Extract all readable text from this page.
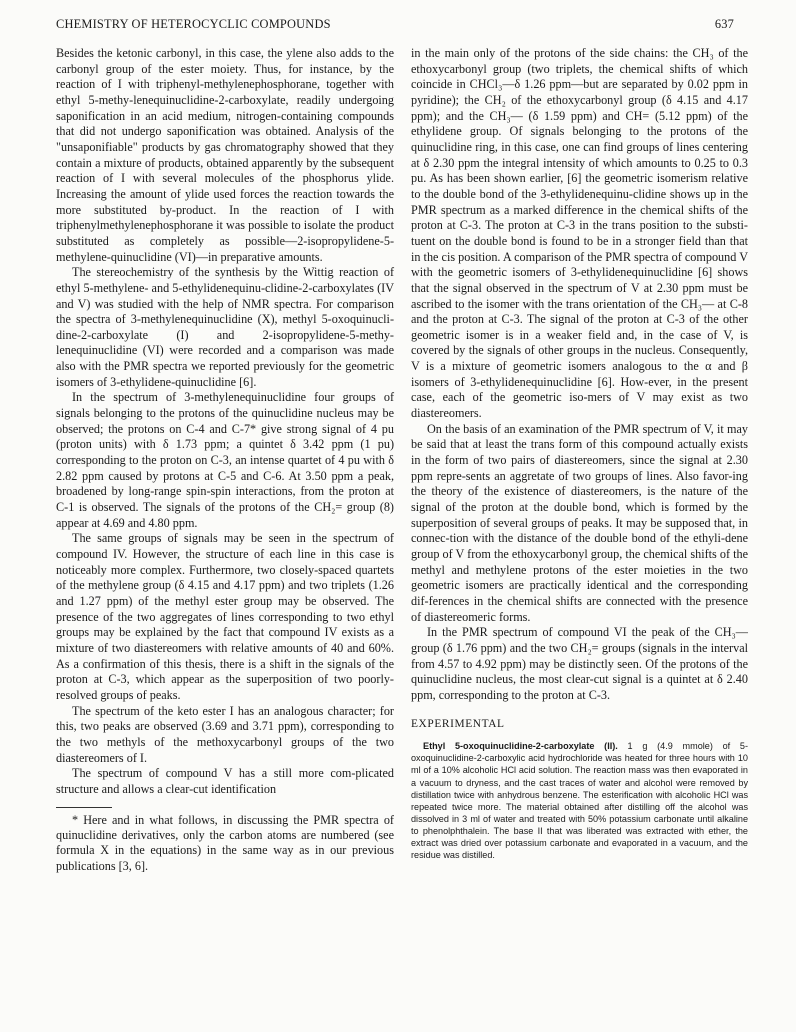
CHEMISTRY OF HETEROCYCLIC COMPOUNDS	637

Besides the ketonic carbonyl, in this case, the ylene also adds to the carbonyl group of the ester moiety. Thus, for instance, by the reaction of I with triphenyl-methylenephosphorane, together with ethyl 5-methy-lenequinuclidine-2-carboxylate, readily undergoing saponification in an acid medium, nitrogen-containing compounds that did not undergo saponification was obtained. Analysis of the "unsaponifiable" products by gas chromatography showed that they contain a mixture of products, obtained apparently by the subsequent reaction of I with several molecules of the phosphorus ylide. Increasing the amount of ylide used forces the reaction towards the more substituted by-product. In the reaction of I with triphenylmethylenephosphorane it was possible to isolate the product substituted as completely as possible—2-isopropylidene-5-methylene-quinuclidine (VI)—in preparative amounts.

The stereochemistry of the synthesis by the Wittig reaction of ethyl 5-methylene- and 5-ethylidenequinu-clidine-2-carboxylates (IV and V) was studied with the help of NMR spectra. For comparison the spectra of 3-methylenequinuclidine (X), methyl 5-oxoquinucli-dine-2-carboxylate (I) and 2-isopropylidene-5-methy-lenequinuclidine (VI) were recorded and a comparison was made also with the PMR spectra we reported previously for the geometric isomers of 3-ethylidene-quinuclidine [6].

In the spectrum of 3-methylenequinuclidine four groups of signals belonging to the protons of the quinuclidine nucleus may be observed; the protons on C-4 and C-7* give strong signal of 4 pu (proton units) with δ 1.73 ppm; a quintet δ 3.42 ppm (1 pu) corresponding to the proton on C-3, an intense quartet of 4 pu with δ 2.82 ppm caused by protons at C-5 and C-6. At 3.50 ppm a peak, broadened by long-range spin-spin interactions, from the proton at C-1 is observed. The signals of the protons of the CH₂= group (8) appear at 4.69 and 4.80 ppm.

The same groups of signals may be seen in the spectrum of compound IV. However, the structure of each line in this case is noticeably more complex. Furthermore, two closely-spaced quartets of the methylene group (δ 4.15 and 4.17 ppm) and two triplets (1.26 and 1.27 ppm) of the methyl ester group may be observed. The presence of the two aggregates of lines corresponding to two ethyl groups may be explained by the fact that compound IV exists as a mixture of two diastereomers with relative amounts of 40 and 60%. As a confirmation of this thesis, there is a shift in the signals of the proton at C-3, which appear as the superposition of two poorly-resolved groups of peaks.

The spectrum of the keto ester I has an analogous character; for this, two peaks are observed (3.69 and 3.71 ppm), corresponding to the two methyls of the methoxycarbonyl groups of the two diastereomers of I.

The spectrum of compound V has a still more com-plicated structure and allows a clear-cut identification

* Here and in what follows, in discussing the PMR spectra of quinuclidine derivatives, only the carbon atoms are numbered (see formula X in the equations) in the same way as in our previous publications [3, 6].

in the main only of the protons of the side chains: the CH₃ of the ethoxycarbonyl group (two triplets, the chemical shifts of which coincide in CHCl₃—δ 1.26 ppm—but are separated by 0.02 ppm in pyridine); the CH₂ of the ethoxycarbonyl group (δ 4.15 and 4.17 ppm); and the CH₃— (δ 1.59 ppm) and CH= (5.12 ppm) of the ethylidene group. Of signals belonging to the protons of the quinuclidine ring, in this case, one can find groups of lines centering at δ 2.30 ppm the integral intensity of which amounts to 0.25 to 0.3 pu. As has been shown earlier, [6] the geometric isomerism relative to the double bond of the 3-ethylidenequinu-clidine shows up in the PMR spectrum as a marked difference in the chemical shifts of the proton at C-3. The proton at C-3 in the trans position to the substi-tuent on the double bond is found to be in a stronger field than that in the cis position. A comparison of the PMR spectra of compound V with the geometric isomers of 3-ethylidenequinuclidine [6] shows that the signal observed in the spectrum of V at 2.30 ppm must be ascribed to the isomer with the trans orientation of the CH₃— at C-8 and the proton at C-3. The signal of the proton at C-3 of the other geometric isomer is in a weaker field and, in the case of V, is covered by the signals of other groups in the nucleus. Consequently, V is a mixture of geometric isomers analogous to the α and β isomers of 3-ethylidenequinuclidine [6]. How-ever, in the present case, each of the geometric iso-mers of V may exist as two diastereomers.

On the basis of an examination of the PMR spectrum of V, it may be said that at least the trans form of this compound actually exists in the form of two pairs of diastereomers, since the signal at 2.30 ppm repre-sents an aggretate of two groups of lines. Also favor-ing the theory of the existence of diastereomers, is the nature of the signal of the proton at the double bond, which is formed by the superposition of several groups of peaks. It may be supposed that, in connec-tion with the distance of the double bond of the ethyli-dene group of V from the ethoxycarbonyl group, the chemical shifts of the methyl and methylene protons of the ester moieties in the two geometric isomers are practically identical and the corresponding dif-ferences in the chemical shifts are connected with the presence of diastereomeric forms.

In the PMR spectrum of compound VI the peak of the CH₃— group (δ 1.76 ppm) and the two CH₂= groups (signals in the interval from 4.57 to 4.92 ppm) may be distinctly seen. Of the protons of the quinuclidine nucleus, the most clear-cut signal is a quintet at δ 2.40 ppm, corresponding to the proton at C-3.

EXPERIMENTAL

Ethyl 5-oxoquinuclidine-2-carboxylate (II). 1 g (4.9 mmole) of 5-oxoquinuclidine-2-carboxylic acid hydrochloride was heated for three hours with 10 ml of a 10% alcoholic HCl acid solution. The reaction mass was then evaporated in a vacuum to dryness, and the cast traces of water and alcohol were removed by distillation twice with anhydrous benzene. The esterification with alcoholic HCl was repeated twice more. The material obtained after distilling off the alcohol was dissolved in 3 ml of water and treated with 50% potassium carbonate until alkaline to phenolphthalein. The base II that was liberated was extracted with ether, the extract was dried over potassium carbonate and evaporated in a vacuum, and the residue was distilled.
